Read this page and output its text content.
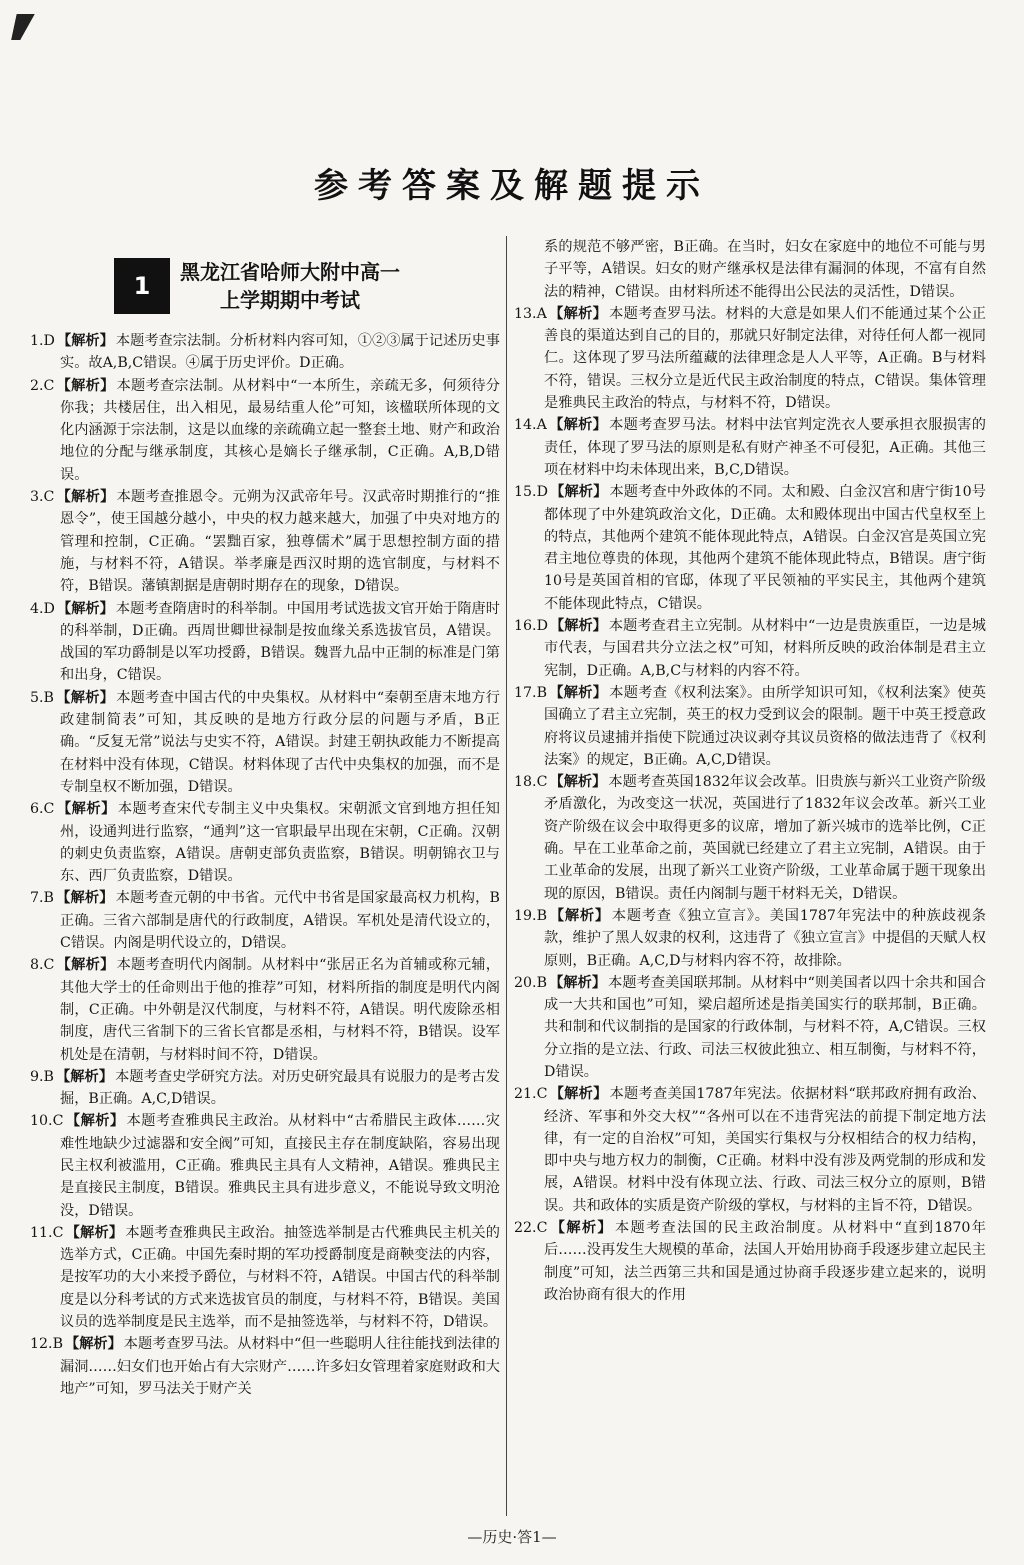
参考答案及解题提示
1	黑龙江省哈师大附中高一
上学期期中考试

1.D 【解析】 本题考查宗法制。分析材料内容可知，①②③属于记述历史事实。故A,B,C错误。④属于历史评价。D正确。

2.C 【解析】 本题考查宗法制。从材料中“一本所生，亲疏无多，何须待分你我；共楼居住，出入相见，最易结重人伦”可知，该楹联所体现的文化内涵源于宗法制，这是以血缘的亲疏确立起一整套土地、财产和政治地位的分配与继承制度，其核心是嫡长子继承制，C正确。A,B,D错误。

3.C 【解析】 本题考查推恩令。元朔为汉武帝年号。汉武帝时期推行的“推恩令”，使王国越分越小，中央的权力越来越大，加强了中央对地方的管理和控制，C正确。“罢黜百家，独尊儒术”属于思想控制方面的措施，与材料不符，A错误。举孝廉是西汉时期的选官制度，与材料不符，B错误。藩镇割据是唐朝时期存在的现象，D错误。

4.D 【解析】 本题考查隋唐时的科举制。中国用考试选拔文官开始于隋唐时的科举制，D正确。西周世卿世禄制是按血缘关系选拔官员，A错误。战国的军功爵制是以军功授爵，B错误。魏晋九品中正制的标准是门第和出身，C错误。

5.B 【解析】 本题考查中国古代的中央集权。从材料中“秦朝至唐末地方行政建制简表”可知，其反映的是地方行政分层的问题与矛盾，B正确。“反复无常”说法与史实不符，A错误。封建王朝执政能力不断提高在材料中没有体现，C错误。材料体现了古代中央集权的加强，而不是专制皇权不断加强，D错误。

6.C 【解析】 本题考查宋代专制主义中央集权。宋朝派文官到地方担任知州，设通判进行监察，“通判”这一官职最早出现在宋朝，C正确。汉朝的刺史负责监察，A错误。唐朝吏部负责监察，B错误。明朝锦衣卫与东、西厂负责监察，D错误。

7.B 【解析】 本题考查元朝的中书省。元代中书省是国家最高权力机构，B正确。三省六部制是唐代的行政制度，A错误。军机处是清代设立的，C错误。内阁是明代设立的，D错误。

8.C 【解析】 本题考查明代内阁制。从材料中“张居正名为首辅或称元辅，其他大学士的任命则出于他的推荐”可知，材料所指的制度是明代内阁制，C正确。中外朝是汉代制度，与材料不符，A错误。明代废除丞相制度，唐代三省制下的三省长官都是丞相，与材料不符，B错误。设军机处是在清朝，与材料时间不符，D错误。

9.B 【解析】 本题考查史学研究方法。对历史研究最具有说服力的是考古发掘，B正确。A,C,D错误。

10.C 【解析】 本题考查雅典民主政治。从材料中“古希腊民主政体……灾难性地缺少过滤器和安全阀”可知，直接民主存在制度缺陷，容易出现民主权利被滥用，C正确。雅典民主具有人文精神，A错误。雅典民主是直接民主制度，B错误。雅典民主具有进步意义，不能说导致文明沧没，D错误。

11.C 【解析】 本题考查雅典民主政治。抽签选举制是古代雅典民主机关的选举方式，C正确。中国先秦时期的军功授爵制度是商鞅变法的内容，是按军功的大小来授予爵位，与材料不符，A错误。中国古代的科举制度是以分科考试的方式来选拔官员的制度，与材料不符，B错误。美国议员的选举制度是民主选举，而不是抽签选举，与材料不符，D错误。

12.B 【解析】 本题考查罗马法。从材料中“但一些聪明人往往能找到法律的漏洞……妇女们也开始占有大宗财产……许多妇女管理着家庭财政和大地产”可知，罗马法关于财产关

系的规范不够严密，B正确。在当时，妇女在家庭中的地位不可能与男子平等，A错误。妇女的财产继承权是法律有漏洞的体现，不富有自然法的精神，C错误。由材料所述不能得出公民法的灵活性，D错误。

13.A 【解析】 本题考查罗马法。材料的大意是如果人们不能通过某个公正善良的渠道达到自己的目的，那就只好制定法律，对待任何人都一视同仁。这体现了罗马法所蕴藏的法律理念是人人平等，A正确。B与材料不符，错误。三权分立是近代民主政治制度的特点，C错误。集体管理是雅典民主政治的特点，与材料不符，D错误。

14.A 【解析】 本题考查罗马法。材料中法官判定洗衣人要承担衣服损害的责任，体现了罗马法的原则是私有财产神圣不可侵犯，A正确。其他三项在材料中均未体现出来，B,C,D错误。

15.D 【解析】 本题考查中外政体的不同。太和殿、白金汉宫和唐宁街10号都体现了中外建筑政治文化，D正确。太和殿体现出中国古代皇权至上的特点，其他两个建筑不能体现此特点，A错误。白金汉宫是英国立宪君主地位尊贵的体现，其他两个建筑不能体现此特点，B错误。唐宁街10号是英国首相的官邸，体现了平民领袖的平实民主，其他两个建筑不能体现此特点，C错误。

16.D 【解析】 本题考查君主立宪制。从材料中“一边是贵族重臣，一边是城市代表，与国君共分立法之权”可知，材料所反映的政治体制是君主立宪制，D正确。A,B,C与材料的内容不符。

17.B 【解析】 本题考查《权利法案》。由所学知识可知，《权利法案》使英国确立了君主立宪制，英王的权力受到议会的限制。题干中英王授意政府将议员逮捕并指使下院通过决议剥夺其议员资格的做法违背了《权利法案》的规定，B正确。A,C,D错误。

18.C 【解析】 本题考查英国1832年议会改革。旧贵族与新兴工业资产阶级矛盾激化，为改变这一状况，英国进行了1832年议会改革。新兴工业资产阶级在议会中取得更多的议席，增加了新兴城市的选举比例，C正确。早在工业革命之前，英国就已经建立了君主立宪制，A错误。由于工业革命的发展，出现了新兴工业资产阶级，工业革命属于题干现象出现的原因，B错误。责任内阁制与题干材料无关，D错误。

19.B 【解析】 本题考查《独立宣言》。美国1787年宪法中的种族歧视条款，维护了黑人奴隶的权利，这违背了《独立宣言》中提倡的天赋人权原则，B正确。A,C,D与材料内容不符，故排除。

20.B 【解析】 本题考查美国联邦制。从材料中“则美国者以四十余共和国合成一大共和国也”可知，梁启超所述是指美国实行的联邦制，B正确。共和制和代议制指的是国家的行政体制，与材料不符，A,C错误。三权分立指的是立法、行政、司法三权彼此独立、相互制衡，与材料不符，D错误。

21.C 【解析】 本题考查美国1787年宪法。依据材料“联邦政府拥有政治、经济、军事和外交大权”“各州可以在不违背宪法的前提下制定地方法律，有一定的自治权”可知，美国实行集权与分权相结合的权力结构，即中央与地方权力的制衡，C正确。材料中没有涉及两党制的形成和发展，A错误。材料中没有体现立法、行政、司法三权分立的原则，B错误。共和政体的实质是资产阶级的掌权，与材料的主旨不符，D错误。

22.C 【解析】 本题考查法国的民主政治制度。从材料中“直到1870年后……没再发生大规模的革命，法国人开始用协商手段逐步建立起民主制度”可知，法兰西第三共和国是通过协商手段逐步建立起来的，说明政治协商有很大的作用

—历史·答1—
